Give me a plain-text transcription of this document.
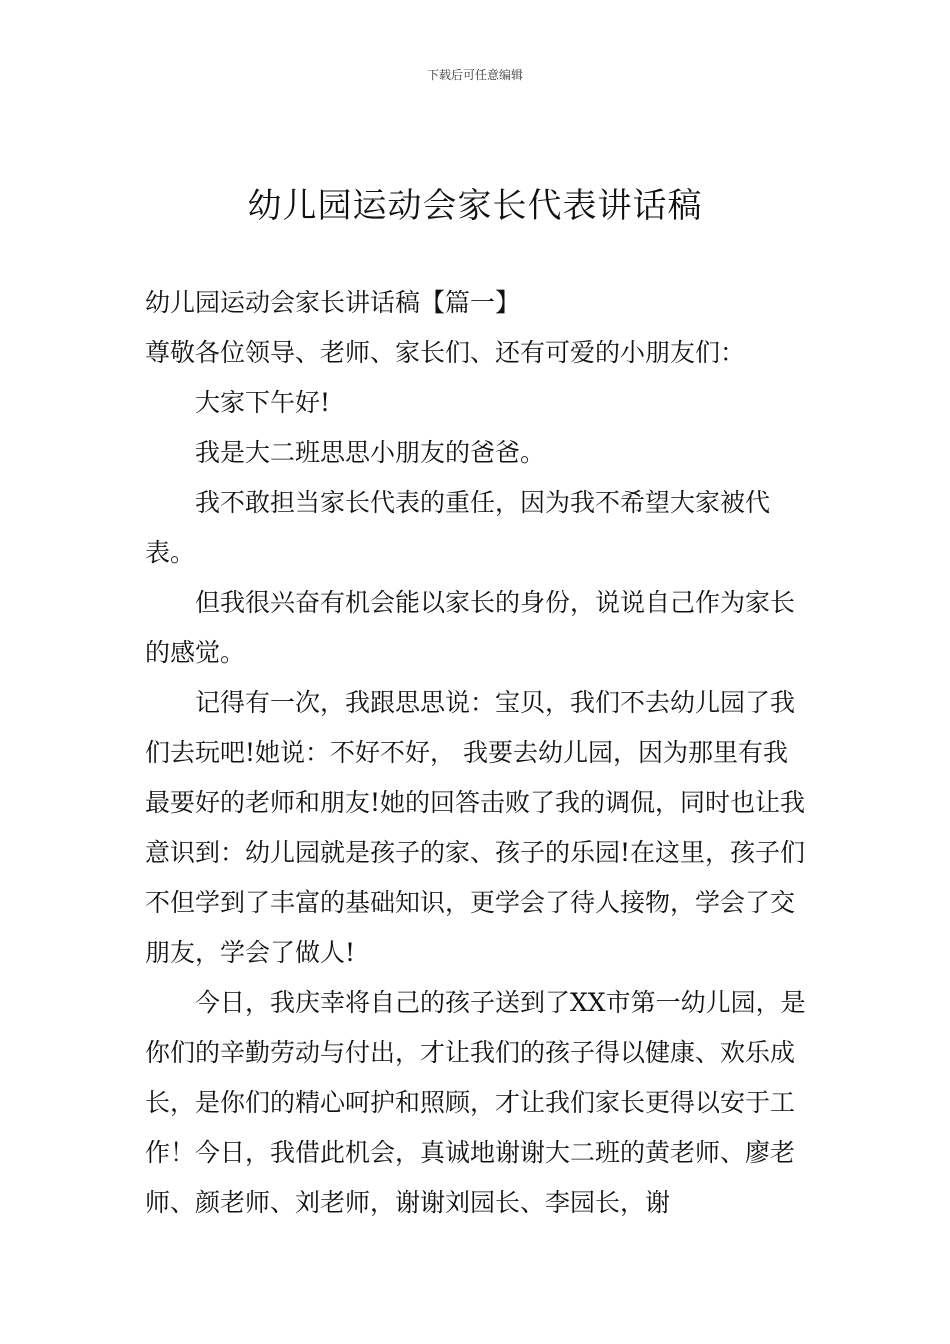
下载后可任意编辑
幼儿园运动会家长代表讲话稿

幼儿园运动会家长讲话稿【篇一】

尊敬各位领导、老师、家长们、还有可爱的小朋友们：

大家下午好!

我是大二班思思小朋友的爸爸。

我不敢担当家长代表的重任，因为我不希望大家被代表。

但我很兴奋有机会能以家长的身份，说说自己作为家长的感觉。

记得有一次，我跟思思说：宝贝，我们不去幼儿园了我们去玩吧!她说：不好不好， 我要去幼儿园，因为那里有我最要好的老师和朋友!她的回答击败了我的调侃，同时也让我意识到：幼儿园就是孩子的家、孩子的乐园!在这里，孩子们不但学到了丰富的基础知识，更学会了待人接物，学会了交朋友，学会了做人!

今日，我庆幸将自己的孩子送到了XX市第一幼儿园，是你们的辛勤劳动与付出，才让我们的孩子得以健康、欢乐成长，是你们的精心呵护和照顾，才让我们家长更得以安于工作！今日，我借此机会，真诚地谢谢大二班的黄老师、廖老师、颜老师、刘老师，谢谢刘园长、李园长，谢
